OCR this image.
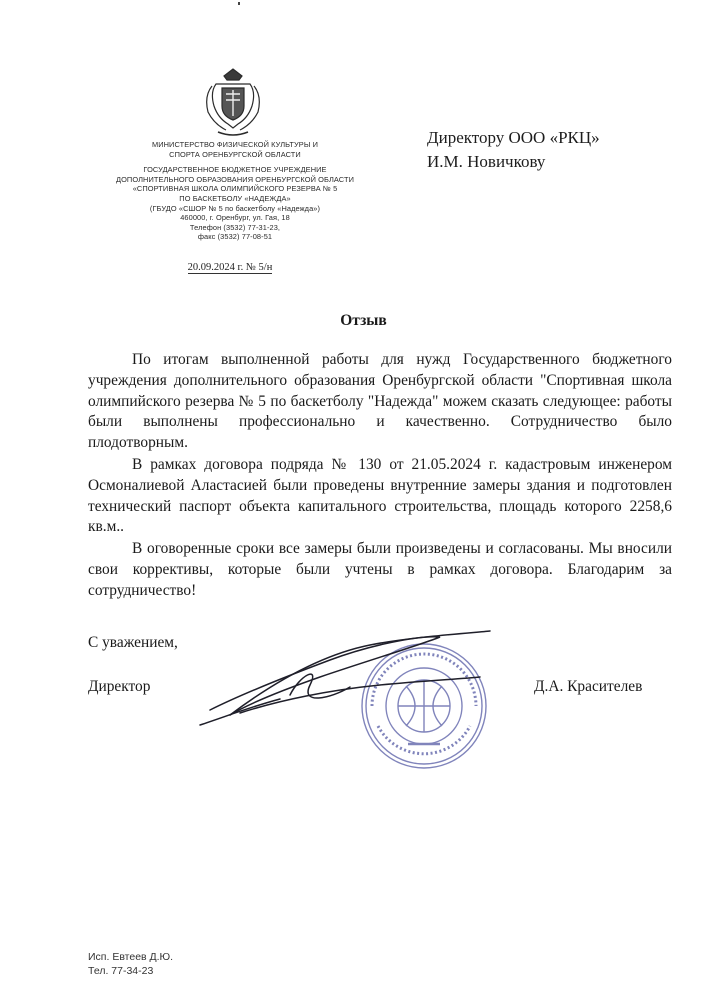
МИНИСТЕРСТВО ФИЗИЧЕСКОЙ КУЛЬТУРЫ И
СПОРТА ОРЕНБУРГСКОЙ ОБЛАСТИ
ГОСУДАРСТВЕННОЕ БЮДЖЕТНОЕ УЧРЕЖДЕНИЕ
ДОПОЛНИТЕЛЬНОГО ОБРАЗОВАНИЯ ОРЕНБУРГСКОЙ ОБЛАСТИ
«СПОРТИВНАЯ ШКОЛА ОЛИМПИЙСКОГО РЕЗЕРВА № 5
ПО БАСКЕТБОЛУ «НАДЕЖДА»
(ГБУДО «СШОР № 5 по баскетболу «Надежда»)
460000, г. Оренбург, ул. Гая, 18
Телефон (3532) 77-31-23,
факс (3532) 77-08-51
20.09.2024 г. № 5/н
Директору ООО «РКЦ»
И.М. Новичкову
Отзыв

По итогам выполненной работы для нужд Государственного бюджетного учреждения дополнительного образования Оренбургской области "Спортивная школа олимпийского резерва № 5 по баскетболу "Надежда" можем сказать следующее: работы были выполнены профессионально и качественно. Сотрудничество было плодотворным.

В рамках договора подряда № 130 от 21.05.2024 г. кадастровым инженером Осмоналиевой Аластасией были проведены внутренние замеры здания и подготовлен технический паспорт объекта капитального строительства, площадь которого 2258,6 кв.м..

В оговоренные сроки все замеры были произведены и согласованы. Мы вносили свои коррективы, которые были учтены в рамках договора. Благодарим за сотрудничество!

С уважением,
Директор	Д.А. Красителев
Исп. Евтеев Д.Ю.
Тел. 77-34-23
